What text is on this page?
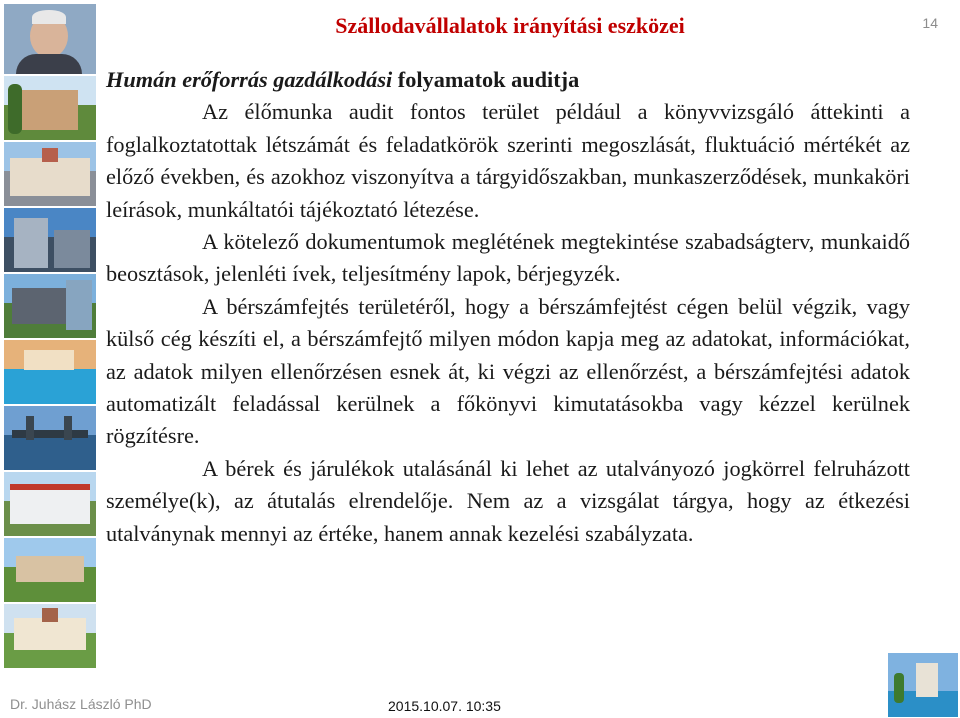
Szállodavállalatok irányítási eszközei	14

Humán erőforrás gazdálkodási folyamatok auditja

Az élőmunka audit fontos terület például a könyvvizsgáló áttekinti a foglalkoztatottak létszámát és feladatkörök szerinti megoszlását, fluktuáció mértékét az előző években, és azokhoz viszonyítva a tárgyidőszakban, munkaszerződések, munkaköri leírások, munkáltatói tájékoztató létezése.

A kötelező dokumentumok meglétének megtekintése szabadságterv, munkaidő beosztások, jelenléti ívek, teljesítmény lapok, bérjegyzék.

A bérszámfejtés területéről, hogy a bérszámfejtést cégen belül végzik, vagy külső cég készíti el, a bérszámfejtő milyen módon kapja meg az adatokat, információkat, az adatok milyen ellenőrzésen esnek át, ki végzi az ellenőrzést, a bérszámfejtési adatok automatizált feladással kerülnek a főkönyvi kimutatásokba vagy kézzel kerülnek rögzítésre.

A bérek és járulékok utalásánál ki lehet az utalványozó jogkörrel felruházott személye(k), az átutalás elrendelője. Nem az a vizsgálat tárgya, hogy az étkezési utalványnak mennyi az értéke, hanem annak kezelési szabályzata.

Dr. Juhász László PhD	2015.10.07. 10:35
